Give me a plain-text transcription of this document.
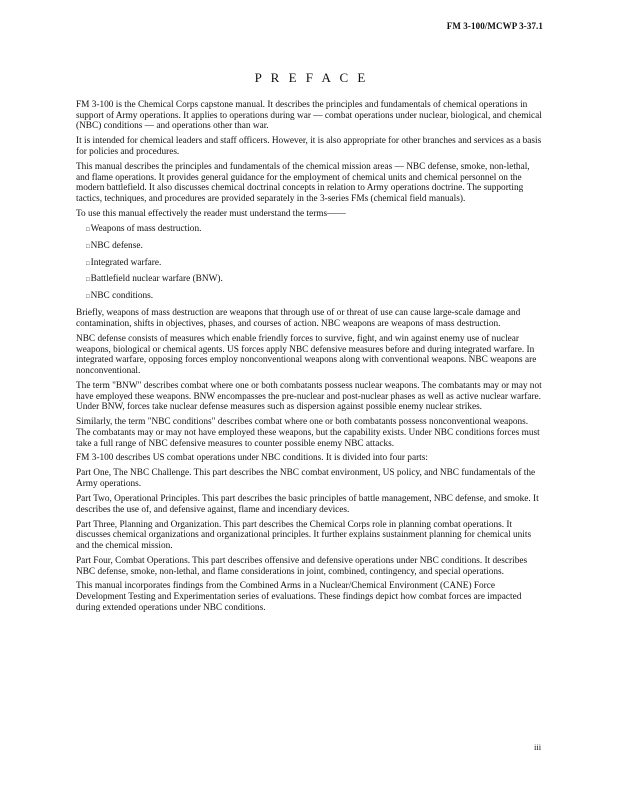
FM 3-100/MCWP 3-37.1
P R E F A C E

FM 3-100 is the Chemical Corps capstone manual. It describes the principles and fundamentals of chemical operations in support of Army operations. It applies to operations during war — combat operations under nuclear, biological, and chemical (NBC) conditions — and operations other than war.

It is intended for chemical leaders and staff officers. However, it is also appropriate for other branches and services as a basis for policies and procedures.

This manual describes the principles and fundamentals of the chemical mission areas — NBC defense, smoke, non-lethal, and flame operations. It provides general guidance for the employment of chemical units and chemical personnel on the modern battlefield. It also discusses chemical doctrinal concepts in relation to Army operations doctrine. The supporting tactics, techniques, and procedures are provided separately in the 3-series FMs (chemical field manuals).

To use this manual effectively the reader must understand the terms——

□Weapons of mass destruction.
□NBC defense.
□Integrated warfare.
□Battlefield nuclear warfare (BNW).
□NBC conditions.

Briefly, weapons of mass destruction are weapons that through use of or threat of use can cause large-scale damage and contamination, shifts in objectives, phases, and courses of action. NBC weapons are weapons of mass destruction.

NBC defense consists of measures which enable friendly forces to survive, fight, and win against enemy use of nuclear weapons, biological or chemical agents. US forces apply NBC defensive measures before and during integrated warfare. In integrated warfare, opposing forces employ nonconventional weapons along with conventional weapons. NBC weapons are nonconventional.

The term "BNW" describes combat where one or both combatants possess nuclear weapons. The combatants may or may not have employed these weapons. BNW encompasses the pre-nuclear and post-nuclear phases as well as active nuclear warfare. Under BNW, forces take nuclear defense measures such as dispersion against possible enemy nuclear strikes.

Similarly, the term "NBC conditions" describes combat where one or both combatants possess nonconventional weapons. The combatants may or may not have employed these weapons, but the capability exists. Under NBC conditions forces must take a full range of NBC defensive measures to counter possible enemy NBC attacks.

FM 3-100 describes US combat operations under NBC conditions. It is divided into four parts:

Part One, The NBC Challenge. This part describes the NBC combat environment, US policy, and NBC fundamentals of the Army operations.

Part Two, Operational Principles. This part describes the basic principles of battle management, NBC defense, and smoke. It describes the use of, and defensive against, flame and incendiary devices.

Part Three, Planning and Organization. This part describes the Chemical Corps role in planning combat operations. It discusses chemical organizations and organizational principles. It further explains sustainment planning for chemical units and the chemical mission.

Part Four, Combat Operations. This part describes offensive and defensive operations under NBC conditions. It describes NBC defense, smoke, non-lethal, and flame considerations in joint, combined, contingency, and special operations.

This manual incorporates findings from the Combined Arms in a Nuclear/Chemical Environment (CANE) Force Development Testing and Experimentation series of evaluations. These findings depict how combat forces are impacted during extended operations under NBC conditions.

iii
